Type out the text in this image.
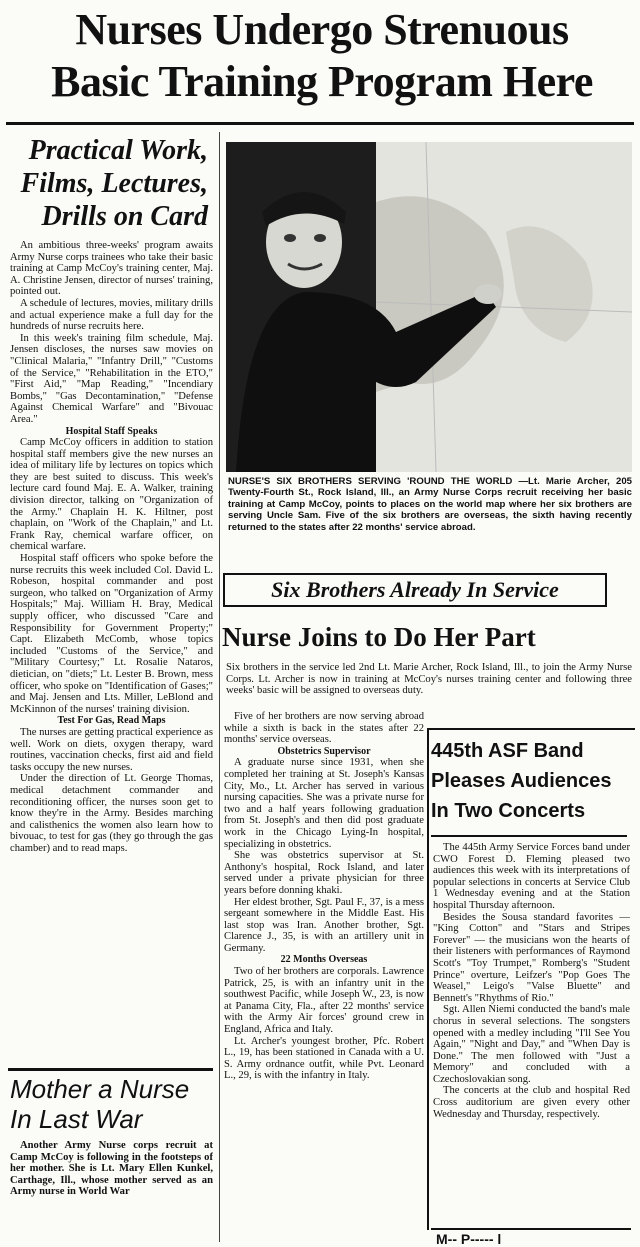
Nurses Undergo Strenuous
Basic Training Program Here
Practical Work,
Films, Lectures,
Drills on Card

An ambitious three-weeks' program awaits Army Nurse corps trainees who take their basic training at Camp McCoy's training center, Maj. A. Christine Jensen, director of nurses' training, pointed out.

A schedule of lectures, movies, military drills and actual experience make a full day for the hundreds of nurse recruits here.

In this week's training film schedule, Maj. Jensen discloses, the nurses saw movies on "Clinical Malaria," "Infantry Drill," "Customs of the Service," "Rehabilitation in the ETO," "First Aid," "Map Reading," "Incendiary Bombs," "Gas Decontamination," "Defense Against Chemical Warfare" and "Bivouac Area."

Hospital Staff Speaks

Camp McCoy officers in addition to station hospital staff members give the new nurses an idea of military life by lectures on topics which they are best suited to discuss. This week's lecture card found Maj. E. A. Walker, training division director, talking on "Organization of the Army." Chaplain H. K. Hiltner, post chaplain, on "Work of the Chaplain," and Lt. Frank Ray, chemical warfare officer, on chemical warfare.

Hospital staff officers who spoke before the nurse recruits this week included Col. David L. Robeson, hospital commander and post surgeon, who talked on "Organization of Army Hospitals;" Maj. William H. Bray, Medical supply officer, who discussed "Care and Responsibility for Government Property;" Capt. Elizabeth McComb, whose topics included "Customs of the Service," and "Military Courtesy;" Lt. Rosalie Nataros, dietician, on "diets;" Lt. Lester B. Brown, mess officer, who spoke on "Identification of Gases;" and Maj. Jensen and Lts. Miller, LeBlond and McKinnon of the nurses' training division.

Test For Gas, Read Maps

The nurses are getting practical experience as well. Work on diets, oxygen therapy, ward routines, vaccination checks, first aid and field tasks occupy the new nurses.

Under the direction of Lt. George Thomas, medical detachment commander and reconditioning officer, the nurses soon get to know they're in the Army. Besides marching and calisthenics the women also learn how to bivouac, to test for gas (they go through the gas chamber) and to read maps.

Mother a Nurse
In Last War

Another Army Nurse corps recruit at Camp McCoy is following in the footsteps of her mother. She is Lt. Mary Ellen Kunkel, Carthage, Ill., whose mother served as an Army nurse in World War

NURSE'S SIX BROTHERS SERVING 'ROUND THE WORLD —Lt. Marie Archer, 205 Twenty-Fourth St., Rock Island, Ill., an Army Nurse Corps recruit receiving her basic training at Camp McCoy, points to places on the world map where her six brothers are serving Uncle Sam. Five of the six brothers are overseas, the sixth having recently returned to the states after 22 months' service abroad.
Six Brothers Already In Service
Nurse Joins to Do Her Part
Six brothers in the service led 2nd Lt. Marie Archer, Rock Island, Ill., to join the Army Nurse Corps. Lt. Archer is now in training at McCoy's nurses training center and following three weeks' basic will be assigned to overseas duty.

Five of her brothers are now serving abroad while a sixth is back in the states after 22 months' service overseas.

Obstetrics Supervisor

A graduate nurse since 1931, when she completed her training at St. Joseph's Kansas City, Mo., Lt. Archer has served in various nursing capacities. She was a private nurse for two and a half years following graduation from St. Joseph's and then did post graduate work in the Chicago Lying-In hospital, specializing in obstetrics.

She was obstetrics supervisor at St. Anthony's hospital, Rock Island, and later served under a private physician for three years before donning khaki.

Her eldest brother, Sgt. Paul F., 37, is a mess sergeant somewhere in the Middle East. His last stop was Iran. Another brother, Sgt. Clarence J., 35, is with an artillery unit in Germany.

22 Months Overseas

Two of her brothers are corporals. Lawrence Patrick, 25, is with an infantry unit in the southwest Pacific, while Joseph W., 23, is now at Panama City, Fla., after 22 months' service with the Army Air forces' ground crew in England, Africa and Italy.

Lt. Archer's youngest brother, Pfc. Robert L., 19, has been stationed in Canada with a U. S. Army ordnance outfit, while Pvt. Leonard L., 29, is with the infantry in Italy.

445th ASF Band
Pleases Audiences
In Two Concerts

The 445th Army Service Forces band under CWO Forest D. Fleming pleased two audiences this week with its interpretations of popular selections in concerts at Service Club 1 Wednesday evening and at the Station hospital Thursday afternoon.

Besides the Sousa standard favorites — "King Cotton" and "Stars and Stripes Forever" — the musicians won the hearts of their listeners with performances of Raymond Scott's "Toy Trumpet," Romberg's "Student Prince" overture, Leifzer's "Pop Goes The Weasel," Leigo's "Valse Bluette" and Bennett's "Rhythms of Rio."

Sgt. Allen Niemi conducted the band's male chorus in several selections. The songsters opened with a medley including "I'll See You Again," "Night and Day," and "When Day is Done." The men followed with "Just a Memory" and concluded with a Czechoslovakian song.

The concerts at the club and hospital Red Cross auditorium are given every other Wednesday and Thursday, respectively.

M-- P----- l
